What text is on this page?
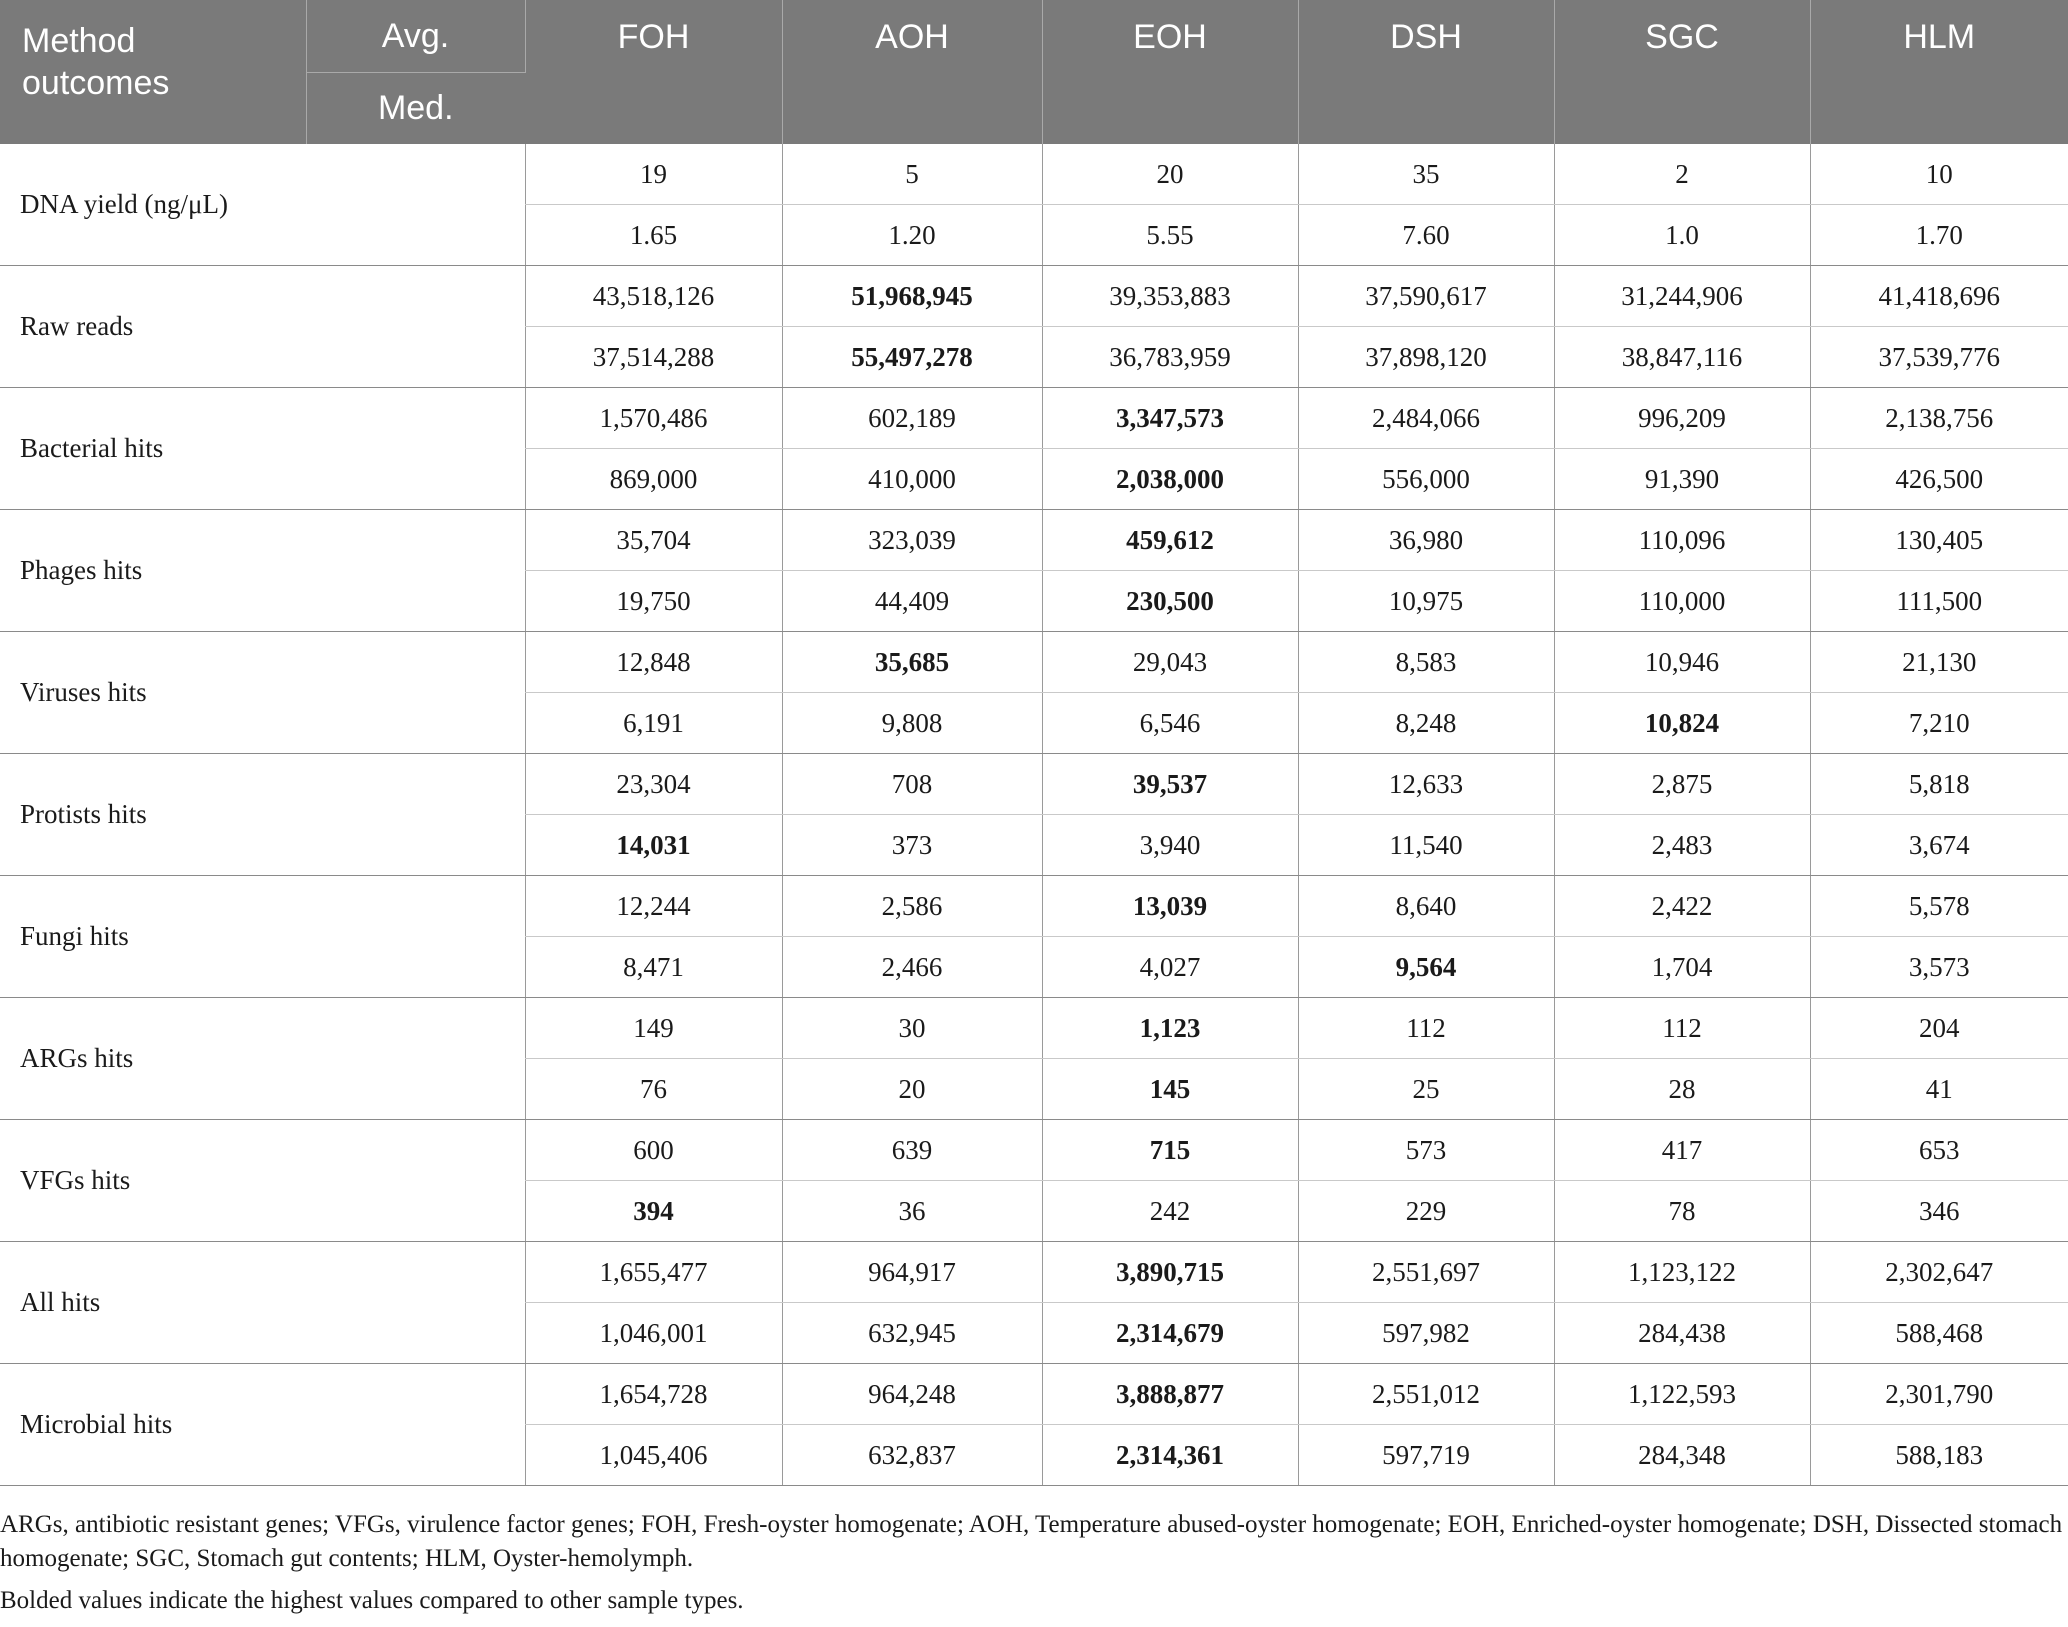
Method
outcomes	Avg.	FOH	AOH	EOH	DSH	SGC	HLM
	Med.						
DNA yield (ng/μL)		19	5	20	35	2	10
		1.65	1.20	5.55	7.60	1.0	1.70
Raw reads		43,518,126	51,968,945	39,353,883	37,590,617	31,244,906	41,418,696
		37,514,288	55,497,278	36,783,959	37,898,120	38,847,116	37,539,776
Bacterial hits		1,570,486	602,189	3,347,573	2,484,066	996,209	2,138,756
		869,000	410,000	2,038,000	556,000	91,390	426,500
Phages hits		35,704	323,039	459,612	36,980	110,096	130,405
		19,750	44,409	230,500	10,975	110,000	111,500
Viruses hits		12,848	35,685	29,043	8,583	10,946	21,130
		6,191	9,808	6,546	8,248	10,824	7,210
Protists hits		23,304	708	39,537	12,633	2,875	5,818
		14,031	373	3,940	11,540	2,483	3,674
Fungi hits		12,244	2,586	13,039	8,640	2,422	5,578
		8,471	2,466	4,027	9,564	1,704	3,573
ARGs hits		149	30	1,123	112	112	204
		76	20	145	25	28	41
VFGs hits		600	639	715	573	417	653
		394	36	242	229	78	346
All hits		1,655,477	964,917	3,890,715	2,551,697	1,123,122	2,302,647
		1,046,001	632,945	2,314,679	597,982	284,438	588,468
Microbial hits		1,654,728	964,248	3,888,877	2,551,012	1,122,593	2,301,790
		1,045,406	632,837	2,314,361	597,719	284,348	588,183
ARGs, antibiotic resistant genes; VFGs, virulence factor genes; FOH, Fresh-oyster homogenate; AOH, Temperature abused-oyster homogenate; EOH, Enriched-oyster homogenate; DSH, Dissected stomach homogenate; SGC, Stomach gut contents; HLM, Oyster-hemolymph.
Bolded values indicate the highest values compared to other sample types.
